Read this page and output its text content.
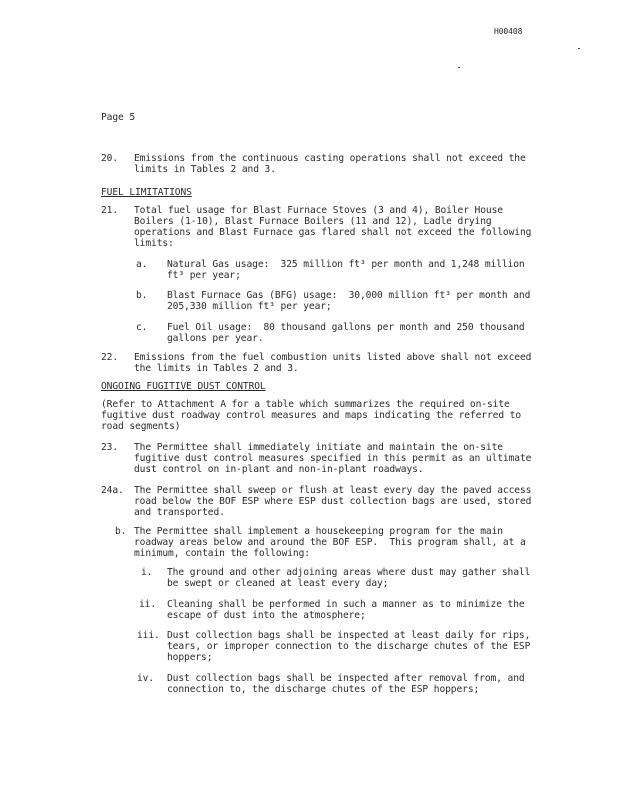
H00408
Page 5
20. Emissions from the continuous casting operations shall not exceed the
limits in Tables 2 and 3.
FUEL LIMITATIONS
21. Total fuel usage for Blast Furnace Stoves (3 and 4), Boiler House
Boilers (1-10), Blast Furnace Boilers (11 and 12), Ladle drying
operations and Blast Furnace gas flared shall not exceed the following
limits:
a. Natural Gas usage:  325 million ft³ per month and 1,248 million
ft³ per year;
b. Blast Furnace Gas (BFG) usage:  30,000 million ft³ per month and
205,330 million ft³ per year;
c. Fuel Oil usage:  80 thousand gallons per month and 250 thousand
gallons per year.
22. Emissions from the fuel combustion units listed above shall not exceed
the limits in Tables 2 and 3.
ONGOING FUGITIVE DUST CONTROL
(Refer to Attachment A for a table which summarizes the required on-site
fugitive dust roadway control measures and maps indicating the referred to
road segments)
23. The Permittee shall immediately initiate and maintain the on-site
fugitive dust control measures specified in this permit as an ultimate
dust control on in-plant and non-in-plant roadways.
24a. The Permittee shall sweep or flush at least every day the paved access
road below the BOF ESP where ESP dust collection bags are used, stored
and transported.
b. The Permittee shall implement a housekeeping program for the main
roadway areas below and around the BOF ESP.  This program shall, at a
minimum, contain the following:
i. The ground and other adjoining areas where dust may gather shall
be swept or cleaned at least every day;
ii. Cleaning shall be performed in such a manner as to minimize the
escape of dust into the atmosphere;
iii. Dust collection bags shall be inspected at least daily for rips,
tears, or improper connection to the discharge chutes of the ESP
hoppers;
iv. Dust collection bags shall be inspected after removal from, and
connection to, the discharge chutes of the ESP hoppers;
